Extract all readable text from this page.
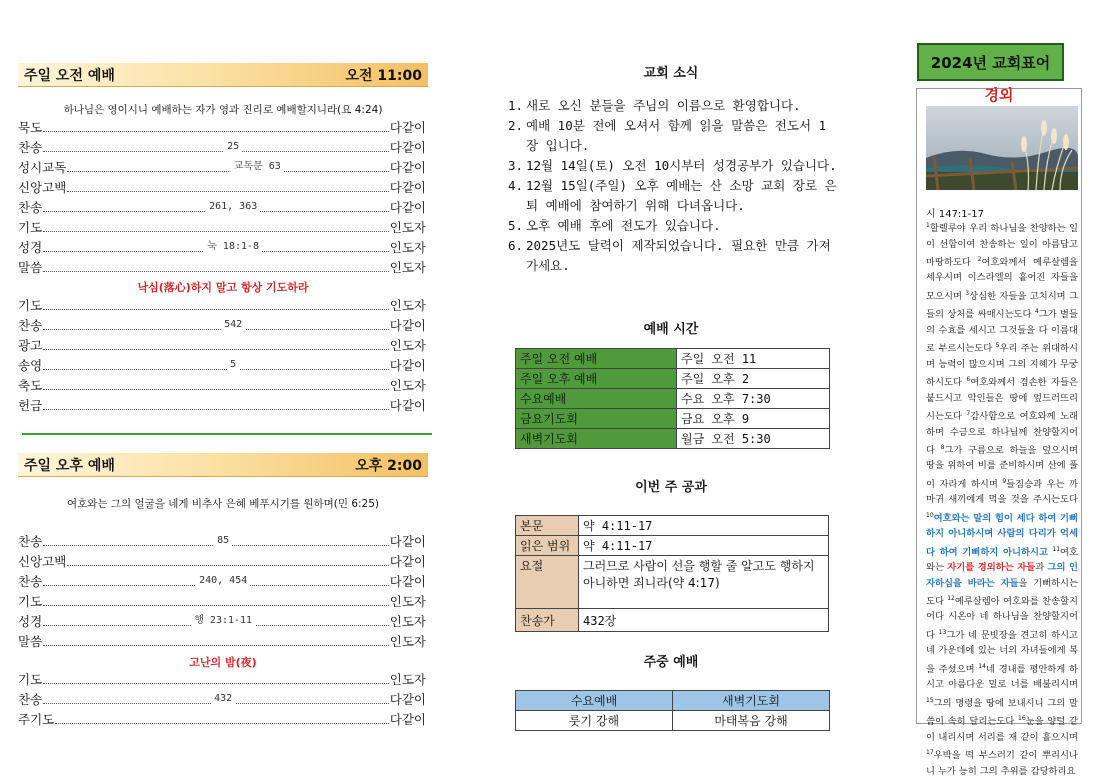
주일 오전 예배	오전 11:00
하나님은 영이시니 예배하는 자가 영과 진리로 예배할지니라(요 4:24)
묵도	다같이
찬송	25	다같이
성시교독	교독문 63	다같이
신앙고백	다같이
찬송	261, 363	다같이
기도	인도자
성경	눅 18:1-8	인도자
말씀	인도자
낙심(落心)하지 말고 항상 기도하라
기도	인도자
찬송	542	다같이
광고	인도자
송영	5	다같이
축도	인도자
헌금	다같이
주일 오후 예배	오후 2:00
여호와는 그의 얼굴을 네게 비추사 은혜 베푸시기를 원하며(민 6:25)
찬송	85	다같이
신앙고백	다같이
찬송	240, 454	다같이
기도	인도자
성경	행 23:1-11	인도자
말씀	인도자
고난의 밤(夜)
기도	인도자
찬송	432	다같이
주기도	다같이
교회 소식
1. 새로 오신 분들을 주님의 이름으로 환영합니다.
2. 예배 10분 전에 오셔서 함께 읽을 말씀은 전도서 1장 입니다.
3. 12월 14일(토) 오전 10시부터 성경공부가 있습니다.
4. 12월 15일(주일) 오후 예배는 산 소망 교회 장로 은퇴 예배에 참여하기 위해 다녀옵니다.
5. 오후 예배 후에 전도가 있습니다.
6. 2025년도 달력이 제작되었습니다. 필요한 만큼 가져 가세요.
예배 시간
주일 오전 예배	주일 오전 11
주일 오후 예배	주일 오후 2
수요예배	수요 오후 7:30
금요기도회	금요 오후 9
새벽기도회	월금 오전 5:30
이번 주 공과
본문	약 4:11-17
읽은 범위	약 4:11-17
요절	그러므로 사람이 선을 행할 줄 알고도 행하지 아니하면 죄니라(약 4:17)
찬송가	432장
주중 예배
수요예배	새벽기도회
룻기 강해	마태복음 강해
2024년 교회표어
경외
시 147:1-17

$^1$할렐루야 우리 하나님을 찬양하는 일이 선함이여 찬송하는 일이 아름답고 마땅하도다 $^2$여호와께서 예루살렘을 세우시며 이스라엘의 흩어진 자들을 모으시며 $^3$상심한 자들을 고치시며 그들의 상처를 싸매시는도다 $^4$그가 별들의 수효를 세시고 그것들을 다 이름대로 부르시는도다 $^5$우리 주는 위대하시며 능력이 많으시며 그의 지혜가 무궁하시도다 $^6$여호와께서 겸손한 자들은 붙드시고 악인들은 땅에 엎드러뜨리시는도다 $^7$감사함으로 여호와께 노래하며 수금으로 하나님께 찬양할지어다 $^8$그가 구름으로 하늘을 덮으시며 땅을 위하여 비를 준비하시며 산에 풀이 자라게 하시며 $^9$들짐승과 우는 까마귀 새끼에게 먹을 것을 주시는도다 $^{10}$여호와는 말의 힘이 세다 하여 기뻐하지 아니하시며 사람의 다리가 억세다 하여 기뻐하지 아니하시고 $^{11}$여호와는 자기를 경외하는 자들과 그의 인자하심을 바라는 자들을 기뻐하시는도다 $^{12}$예루살렘아 여호와를 찬송할지어다 시온아 네 하나님을 찬양할지어다 $^{13}$그가 네 문빗장을 견고히 하시고 네 가운데에 있는 너의 자녀들에게 복을 주셨으며 $^{14}$네 경내를 평안하게 하시고 아름다운 밀로 너를 배불리시며 $^{15}$그의 명령을 땅에 보내시니 그의 말씀이 속히 달리는도다 $^{16}$눈을 양털 같이 내리시며 서리를 재 같이 흩으시며 $^{17}$우박을 떡 부스러기 같이 뿌리시나니 누가 능히 그의 추위를 감당하리요
